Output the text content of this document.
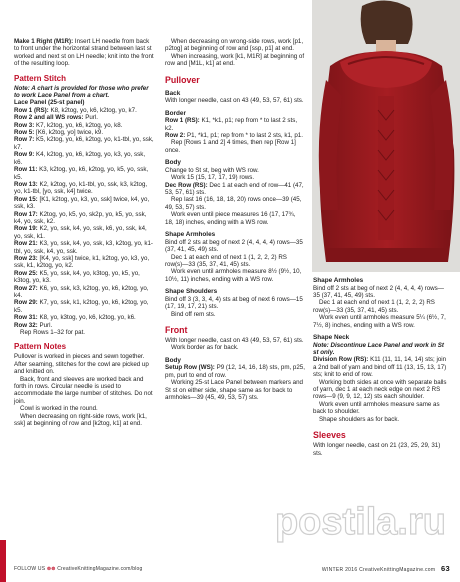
Make 1 Right (M1R): Insert LH needle from back to front under the horizontal strand between last st worked and next st on LH needle; knit into the front of the resulting loop.

Pattern Stitch

Note: A chart is provided for those who prefer to work Lace Panel from a chart.

Lace Panel (25-st panel)

Row 1 (RS): K8, k2tog, yo, k6, k2tog, yo, k7.

Row 2 and all WS rows: Purl.

Row 3: K7, k2tog, yo, k6, k2tog, yo, k8.

Row 5: [K6, k2tog, yo] twice, k9.

Row 7: K5, k2tog, yo, k6, k2tog, yo, k1-tbl, yo, ssk, k7.

Row 9: K4, k2tog, yo, k6, k2tog, yo, k3, yo, ssk, k6.

Row 11: K3, k2tog, yo, k6, k2tog, yo, k5, yo, ssk, k5.

Row 13: K2, k2tog, yo, k1-tbl, yo, ssk, k3, k2tog, yo, k1-tbl, [yo, ssk, k4] twice.

Row 15: [K1, k2tog, yo, k3, yo, ssk] twice, k4, yo, ssk, k3.

Row 17: K2tog, yo, k5, yo, sk2p, yo, k5, yo, ssk, k4, yo, ssk, k2.

Row 19: K2, yo, ssk, k4, yo, ssk, k6, yo, ssk, k4, yo, ssk, k1.

Row 21: K3, yo, ssk, k4, yo, ssk, k3, k2tog, yo, k1-tbl, yo, ssk, k4, yo, ssk.

Row 23: [K4, yo, ssk] twice, k1, k2tog, yo, k3, yo, ssk, k1, k2tog, yo, k2.

Row 25: K5, yo, ssk, k4, yo, k3tog, yo, k5, yo, k3tog, yo, k3.

Row 27: K6, yo, ssk, k3, k2tog, yo, k6, k2tog, yo, k4.

Row 29: K7, yo, ssk, k1, k2tog, yo, k6, k2tog, yo, k5.

Row 31: K8, yo, k3tog, yo, k6, k2tog, yo, k6.

Row 32: Purl.

Rep Rows 1–32 for pat.

Pattern Notes

Pullover is worked in pieces and sewn together. After seaming, stitches for the cowl are picked up and knitted on.

Back, front and sleeves are worked back and forth in rows. Circular needle is used to accommodate the large number of stitches. Do not join.

Cowl is worked in the round.

When decreasing on right-side rows, work [k1, ssk] at beginning of row and [k2tog, k1] at end.

When decreasing on wrong-side rows, work [p1, p2tog] at beginning of row and [ssp, p1] at end.

When increasing, work [k1, M1R] at beginning of row and [M1L, k1] at end.

Pullover

Back

With longer needle, cast on 43 (49, 53, 57, 61) sts.

Border

Row 1 (RS): K1, *k1, p1; rep from * to last 2 sts, k2.

Row 2: P1, *k1, p1; rep from * to last 2 sts, k1, p1.

Rep [Rows 1 and 2] 4 times, then rep [Row 1] once.

Body

Change to St st, beg with WS row.

Work 15 (15, 17, 17, 19) rows.

Dec Row (RS): Dec 1 at each end of row—41 (47, 53, 57, 61) sts.

Rep last 16 (16, 18, 18, 20) rows once—39 (45, 49, 53, 57) sts.

Work even until piece measures 16 (17, 17¾, 18, 18) inches, ending with a WS row.

Shape Armholes

Bind off 2 sts at beg of next 2 (4, 4, 4, 4) rows—35 (37, 41, 45, 49) sts.

Dec 1 at each end of next 1 (1, 2, 2, 2) RS row(s)—33 (35, 37, 41, 45) sts.

Work even until armholes measure 8½ (9½, 10, 10½, 11) inches, ending with a WS row.

Shape Shoulders

Bind off 3 (3, 3, 4, 4) sts at beg of next 6 rows—15 (17, 19, 17, 21) sts.

Bind off rem sts.

Front

With longer needle, cast on 43 (49, 53, 57, 61) sts.

Work border as for back.

Body

Setup Row (WS): P9 (12, 14, 16, 18) sts, pm, p25, pm, purl to end of row.

Working 25-st Lace Panel between markers and St st on either side, shape same as for back to armholes—39 (45, 49, 53, 57) sts.

Shape Armholes

Bind off 2 sts at beg of next 2 (4, 4, 4, 4) rows—35 (37, 41, 45, 49) sts.

Dec 1 at each end of next 1 (1, 2, 2, 2) RS row(s)—33 (35, 37, 41, 45) sts.

Work even until armholes measure 5¼ (6½, 7, 7½, 8) inches, ending with a WS row.

Shape Neck

Note: Discontinue Lace Panel and work in St st only.

Division Row (RS): K11 (11, 11, 14, 14) sts; join a 2nd ball of yarn and bind off 11 (13, 15, 13, 17) sts; knit to end of row.

Working both sides at once with separate balls of yarn, dec 1 at each neck edge on next 2 RS rows—9 (9, 9, 12, 12) sts each shoulder.

Work even until armholes measure same as back to shoulder.

Shape shoulders as for back.

Sleeves

With longer needle, cast on 21 (23, 25, 29, 31) sts.

postila.ru
FOLLOW US ⊚⊚ CreativeKnittingMagazine.com/blog	WINTER 2016 CreativeKnittingMagazine.com 63
